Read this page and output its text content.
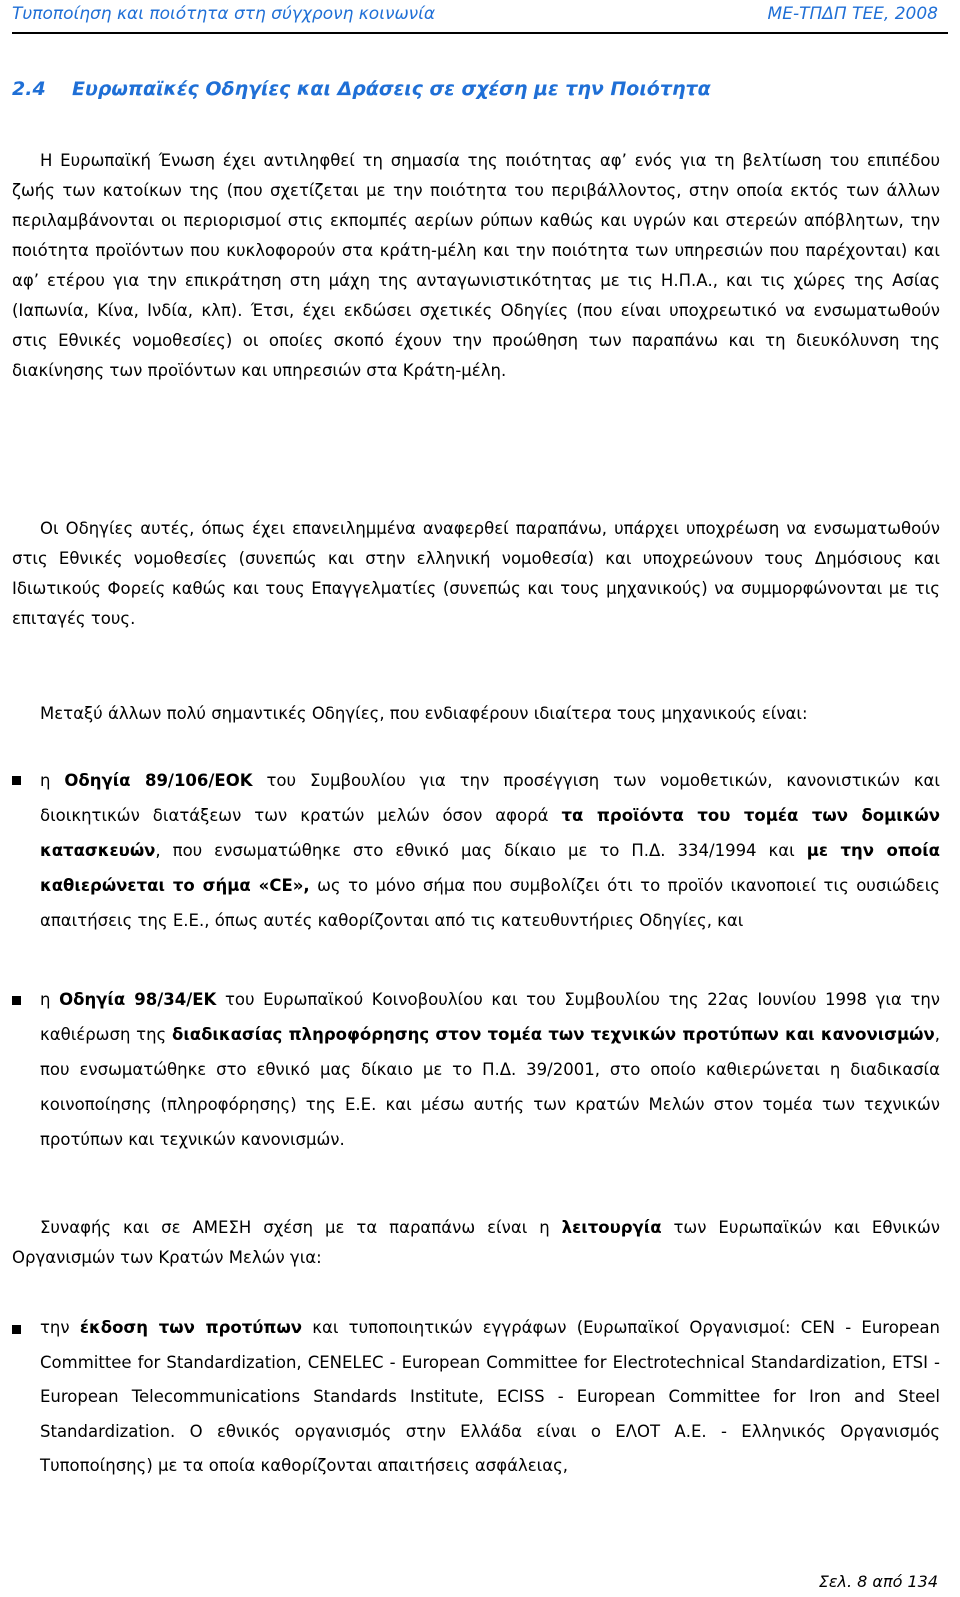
Τυποποίηση και ποιότητα στη σύγχρονη κοινωνία	ΜΕ-ΤΠΔΠ ΤΕΕ, 2008
2.4 Ευρωπαϊκές Οδηγίες και Δράσεις σε σχέση με την Ποιότητα
Η Ευρωπαϊκή Ένωση έχει αντιληφθεί τη σημασία της ποιότητας αφ’ ενός για τη βελτίωση του επιπέδου ζωής των κατοίκων της (που σχετίζεται με την ποιότητα του περιβάλλοντος, στην οποία εκτός των άλλων περιλαμβάνονται οι περιορισμοί στις εκπομπές αερίων ρύπων καθώς και υγρών και στερεών απόβλητων, την ποιότητα προϊόντων που κυκλοφορούν στα κράτη-μέλη και την ποιότητα των υπηρεσιών που παρέχονται) και αφ’ ετέρου για την επικράτηση στη μάχη της ανταγωνιστικότητας με τις Η.Π.Α., και τις χώρες της Ασίας (Ιαπωνία, Κίνα, Ινδία, κλπ). Έτσι, έχει εκδώσει σχετικές Οδηγίες (που είναι υποχρεωτικό να ενσωματωθούν στις Εθνικές νομοθεσίες) οι οποίες σκοπό έχουν την προώθηση των παραπάνω και τη διευκόλυνση της διακίνησης των προϊόντων και υπηρεσιών στα Κράτη-μέλη.
Οι Οδηγίες αυτές, όπως έχει επανειλημμένα αναφερθεί παραπάνω, υπάρχει υποχρέωση να ενσωματωθούν στις Εθνικές νομοθεσίες (συνεπώς και στην ελληνική νομοθεσία) και υποχρεώνουν τους Δημόσιους και Ιδιωτικούς Φορείς καθώς και τους Επαγγελματίες (συνεπώς και τους μηχανικούς) να συμμορφώνονται με τις επιταγές τους.
Μεταξύ άλλων πολύ σημαντικές Οδηγίες, που ενδιαφέρουν ιδιαίτερα τους μηχανικούς είναι:
η Οδηγία 89/106/ΕΟΚ του Συμβουλίου για την προσέγγιση των νομοθετικών, κανονιστικών και διοικητικών διατάξεων των κρατών μελών όσον αφορά τα προϊόντα του τομέα των δομικών κατασκευών, που ενσωματώθηκε στο εθνικό μας δίκαιο με το Π.Δ. 334/1994 και με την οποία καθιερώνεται το σήμα «CE», ως το μόνο σήμα που συμβολίζει ότι το προϊόν ικανοποιεί τις ουσιώδεις απαιτήσεις της Ε.Ε., όπως αυτές καθορίζονται από τις κατευθυντήριες Οδηγίες, και
η Οδηγία 98/34/ΕΚ του Ευρωπαϊκού Κοινοβουλίου και του Συμβουλίου της 22ας Ιουνίου 1998 για την καθιέρωση της διαδικασίας πληροφόρησης στον τομέα των τεχνικών προτύπων και κανονισμών, που ενσωματώθηκε στο εθνικό μας δίκαιο με το Π.Δ. 39/2001, στο οποίο καθιερώνεται η διαδικασία κοινοποίησης (πληροφόρησης) της Ε.Ε. και μέσω αυτής των κρατών Μελών στον τομέα των τεχνικών προτύπων και τεχνικών κανονισμών.
Συναφής και σε ΑΜΕΣΗ σχέση με τα παραπάνω είναι η λειτουργία των Ευρωπαϊκών και Εθνικών Οργανισμών των Κρατών Μελών για:
την έκδοση των προτύπων και τυποποιητικών εγγράφων (Ευρωπαϊκοί Οργανισμοί: CEN - European Committee for Standardization, CENELEC - European Committee for Electrotechnical Standardization, ETSI - European Telecommunications Standards Institute, ECISS - European Committee for Iron and Steel Standardization. Ο εθνικός οργανισμός στην Ελλάδα είναι ο ΕΛΟΤ Α.Ε. - Ελληνικός Οργανισμός Τυποποίησης) με τα οποία καθορίζονται απαιτήσεις ασφάλειας,
Σελ. 8 από 134
